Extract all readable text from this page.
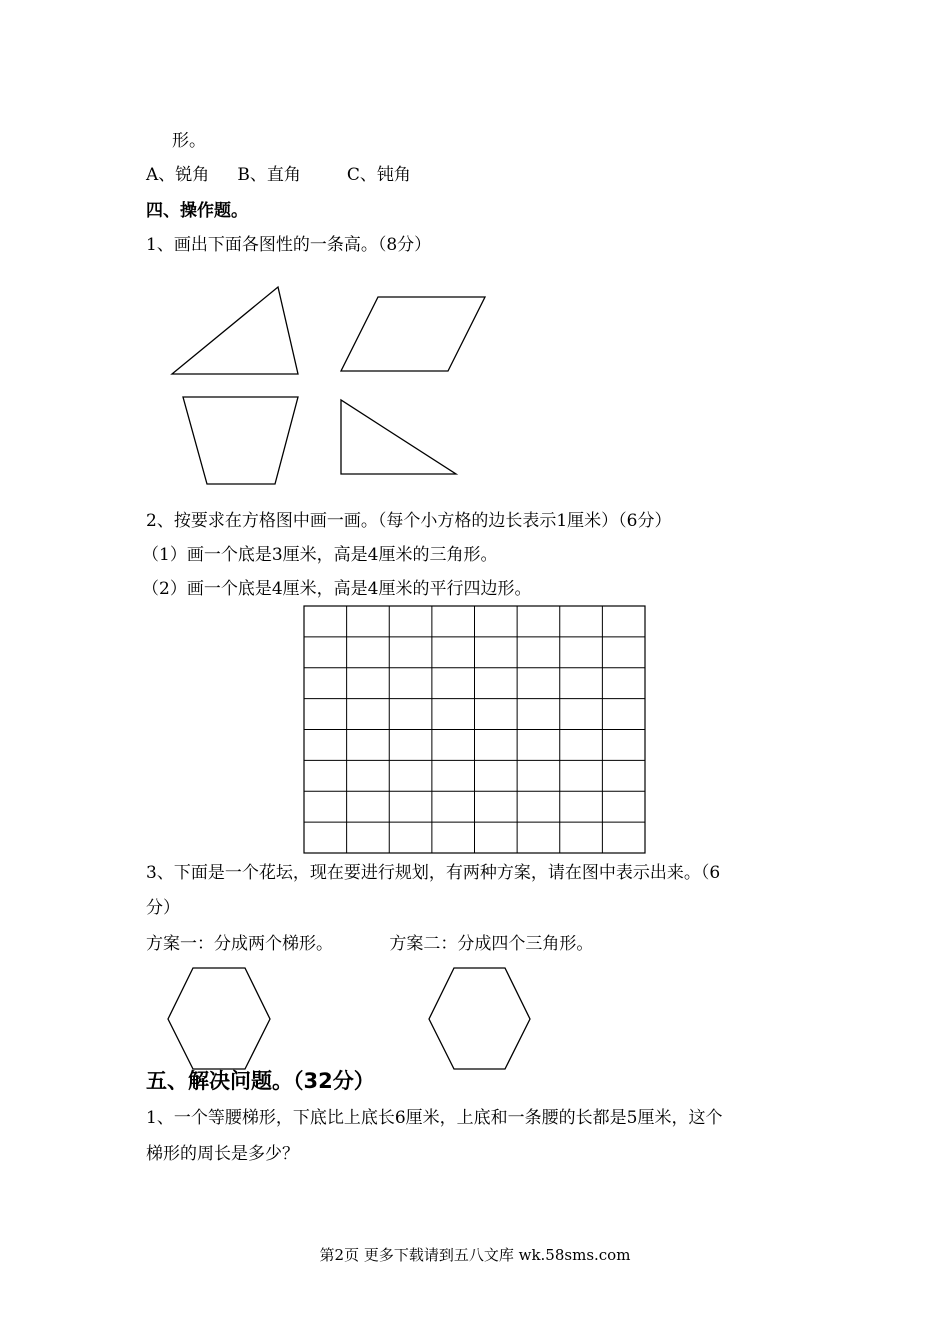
形。
A、锐角 B、直角	C、钝角
四、操作题。
1、画出下面各图性的一条高。（8分）
2、按要求在方格图中画一画。（每个小方格的边长表示1厘米）（6分）
（1）画一个底是3厘米，高是4厘米的三角形。
（2）画一个底是4厘米，高是4厘米的平行四边形。
3、下面是一个花坛，现在要进行规划，有两种方案，请在图中表示出来。（6
分）
方案一：分成两个梯形。	方案二：分成四个三角形。
五、解决问题。（32分）
1、一个等腰梯形，下底比上底长6厘米，上底和一条腰的长都是5厘米，这个
梯形的周长是多少？
第2页 更多下载请到五八文库 wk.58sms.com
